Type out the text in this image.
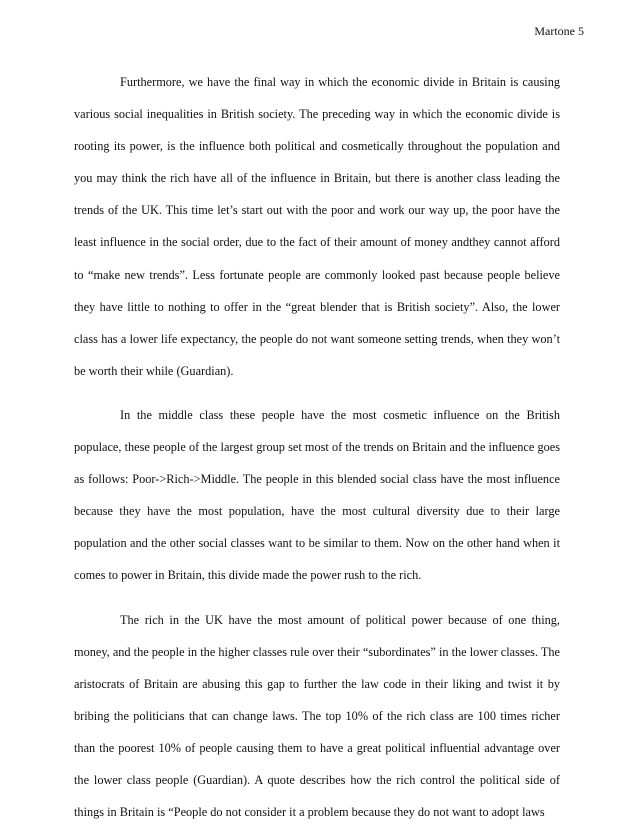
Martone 5

Furthermore, we have the final way in which the economic divide in Britain is causing various social inequalities in British society. The preceding way in which the economic divide is rooting its power, is the influence both political and cosmetically throughout the population and you may think the rich have all of the influence in Britain, but there is another class leading the trends of the UK. This time let’s start out with the poor and work our way up, the poor have the least influence in the social order, due to the fact of their amount of money andthey cannot afford to “make new trends”. Less fortunate people are commonly looked past because people believe they have little to nothing to offer in the “great blender that is British society”. Also, the lower class has a lower life expectancy, the people do not want someone setting trends, when they won’t be worth their while (Guardian).

In the middle class these people have the most cosmetic influence on the British populace, these people of the largest group set most of the trends on Britain and the influence goes as follows: Poor->Rich->Middle. The people in this blended social class have the most influence because they have the most population, have the most cultural diversity due to their large population and the other social classes want to be similar to them. Now on the other hand when it comes to power in Britain, this divide made the power rush to the rich.

The rich in the UK have the most amount of political power because of one thing, money, and the people in the higher classes rule over their “subordinates” in the lower classes. The aristocrats of Britain are abusing this gap to further the law code in their liking and twist it by bribing the politicians that can change laws. The top 10% of the rich class are 100 times richer than the poorest 10% of people causing them to have a great political influential advantage over the lower class people (Guardian). A quote describes how the rich control the political side of things in Britain is “People do not consider it a problem because they do not want to adopt laws
